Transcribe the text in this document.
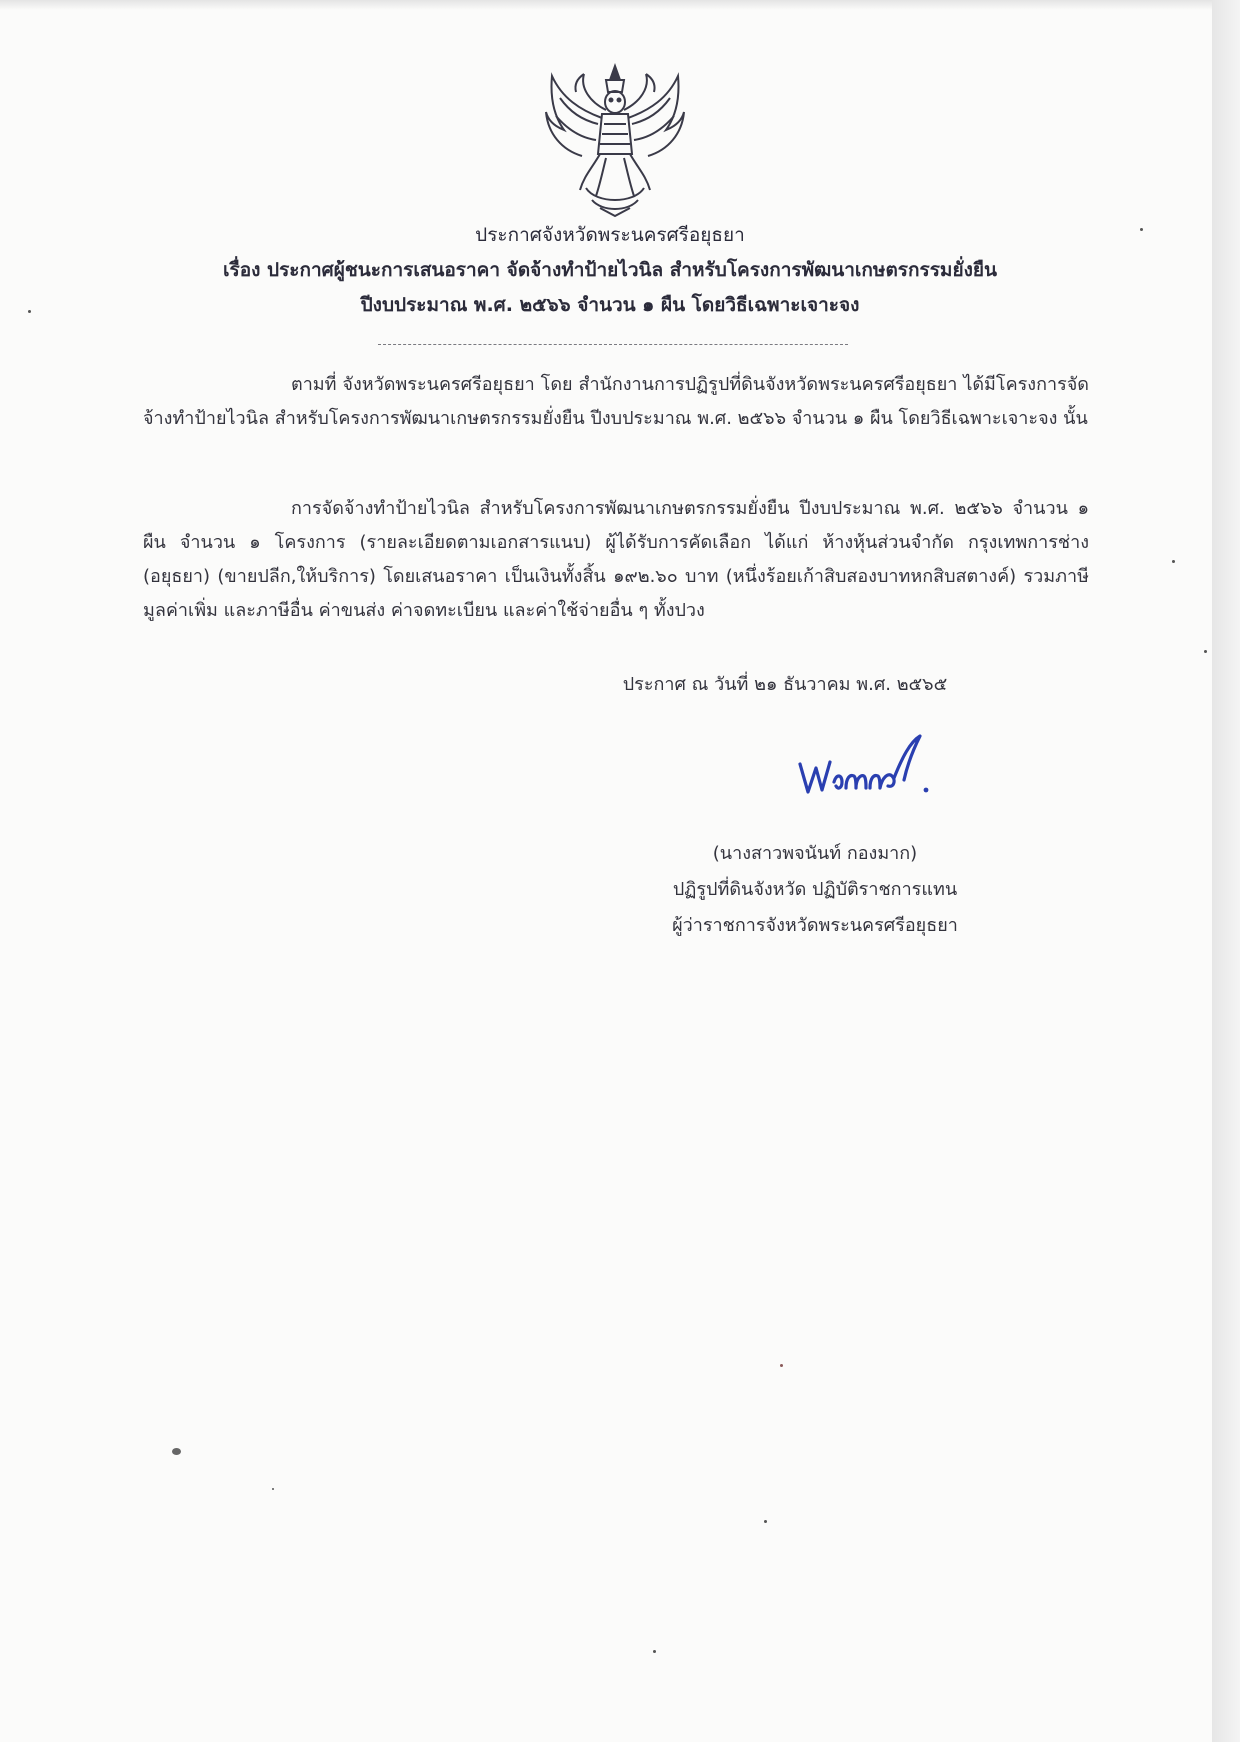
ประกาศจังหวัดพระนครศรีอยุธยา
เรื่อง ประกาศผู้ชนะการเสนอราคา จัดจ้างทำป้ายไวนิล สำหรับโครงการพัฒนาเกษตรกรรมยั่งยืน
ปีงบประมาณ พ.ศ. ๒๕๖๖ จำนวน ๑ ผืน โดยวิธีเฉพาะเจาะจง
ตามที่ จังหวัดพระนครศรีอยุธยา โดย สำนักงานการปฏิรูปที่ดินจังหวัดพระนครศรีอยุธยา ได้มีโครงการจัดจ้างทำป้ายไวนิล สำหรับโครงการพัฒนาเกษตรกรรมยั่งยืน ปีงบประมาณ พ.ศ. ๒๕๖๖ จำนวน ๑ ผืน โดยวิธีเฉพาะเจาะจง นั้น
การจัดจ้างทำป้ายไวนิล สำหรับโครงการพัฒนาเกษตรกรรมยั่งยืน ปีงบประมาณ พ.ศ. ๒๕๖๖ จำนวน ๑ ผืน จำนวน ๑ โครงการ (รายละเอียดตามเอกสารแนบ) ผู้ได้รับการคัดเลือก ได้แก่ ห้างหุ้นส่วนจำกัด กรุงเทพการช่าง (อยุธยา) (ขายปลีก,ให้บริการ) โดยเสนอราคา เป็นเงินทั้งสิ้น ๑๙๒.๖๐ บาท (หนึ่งร้อยเก้าสิบสองบาทหกสิบสตางค์) รวมภาษีมูลค่าเพิ่ม และภาษีอื่น ค่าขนส่ง ค่าจดทะเบียน และค่าใช้จ่ายอื่น ๆ ทั้งปวง
ประกาศ ณ วันที่ ๒๑ ธันวาคม พ.ศ. ๒๕๖๕
(นางสาวพจนันท์ กองมาก)
ปฏิรูปที่ดินจังหวัด ปฏิบัติราชการแทน
ผู้ว่าราชการจังหวัดพระนครศรีอยุธยา
